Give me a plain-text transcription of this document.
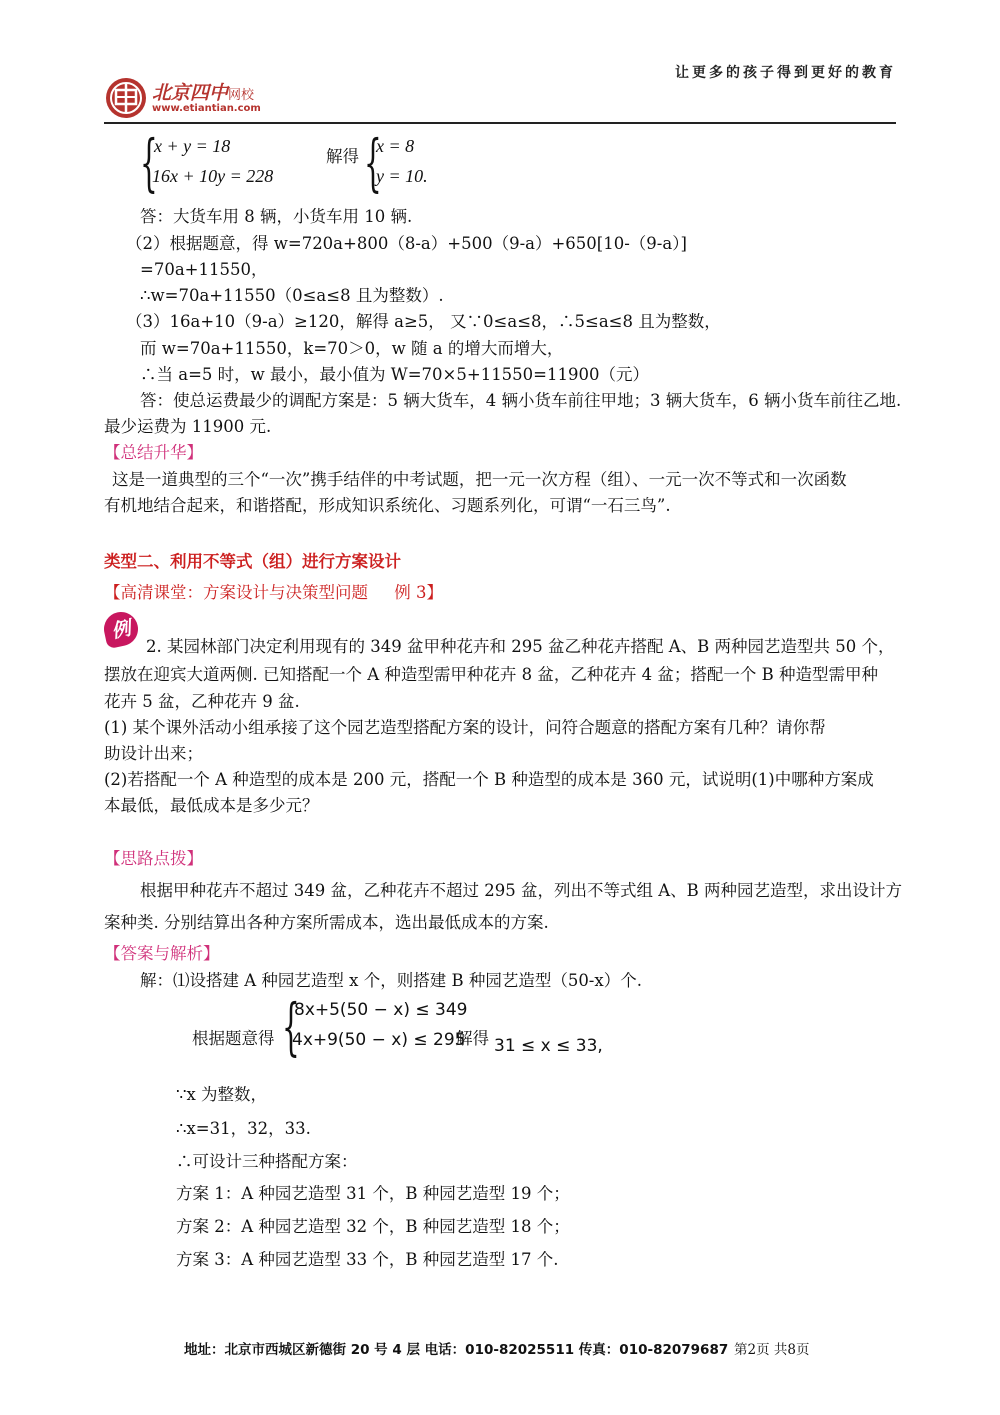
让更多的孩子得到更好的教育
北京四中网校
www.etiantian.com
{
x + y = 18
16x + 10y = 228
解得 {
x = 8
y = 10.
答：大货车用 8 辆，小货车用 10 辆.
（2）根据题意，得 w=720a+800（8-a）+500（9-a）+650[10-（9-a）]
=70a+11550，
∴w=70a+11550（0≤a≤8 且为整数）.
（3）16a+10（9-a）≥120，解得 a≥5， 又∵0≤a≤8，∴5≤a≤8 且为整数，
而 w=70a+11550，k=70＞0，w 随 a 的增大而增大，
∴当 a=5 时，w 最小，最小值为 W=70×5+11550=11900（元）
答：使总运费最少的调配方案是：5 辆大货车，4 辆小货车前往甲地；3 辆大货车，6 辆小货车前往乙地.
最少运费为 11900 元.
【总结升华】
这是一道典型的三个“一次”携手结伴的中考试题，把一元一次方程（组）、一元一次不等式和一次函数
有机地结合起来，和谐搭配，形成知识系统化、习题系列化，可谓“一石三鸟”.
类型二、利用不等式（组）进行方案设计
【高清课堂：方案设计与决策型问题     例 3】
例
2. 某园林部门决定利用现有的 349 盆甲种花卉和 295 盆乙种花卉搭配 A、B 两种园艺造型共 50 个，
摆放在迎宾大道两侧. 已知搭配一个 A 种造型需甲种花卉 8 盆，乙种花卉 4 盆；搭配一个 B 种造型需甲种
花卉 5 盆，乙种花卉 9 盆.
(1) 某个课外活动小组承接了这个园艺造型搭配方案的设计，问符合题意的搭配方案有几种？请你帮
助设计出来；
(2)若搭配一个 A 种造型的成本是 200 元，搭配一个 B 种造型的成本是 360 元，试说明(1)中哪种方案成
本最低，最低成本是多少元？
【思路点拨】
根据甲种花卉不超过 349 盆，乙种花卉不超过 295 盆，列出不等式组 A、B 两种园艺造型，求出设计方
案种类. 分别结算出各种方案所需成本，选出最低成本的方案.
【答案与解析】
解：⑴设搭建 A 种园艺造型 x 个，则搭建 B 种园艺造型（50-x）个.
根据题意得 {
8x+5(50 − x) ≤ 349
4x+9(50 − x) ≤ 295
解得 31 ≤ x ≤ 33,
∵x 为整数，
∴x=31，32，33.
∴可设计三种搭配方案：
方案 1：A 种园艺造型 31 个，B 种园艺造型 19 个；
方案 2：A 种园艺造型 32 个，B 种园艺造型 18 个；
方案 3：A 种园艺造型 33 个，B 种园艺造型 17 个.
地址：北京市西城区新德街 20 号 4 层 电话：010-82025511 传真：010-82079687 第2页 共8页
